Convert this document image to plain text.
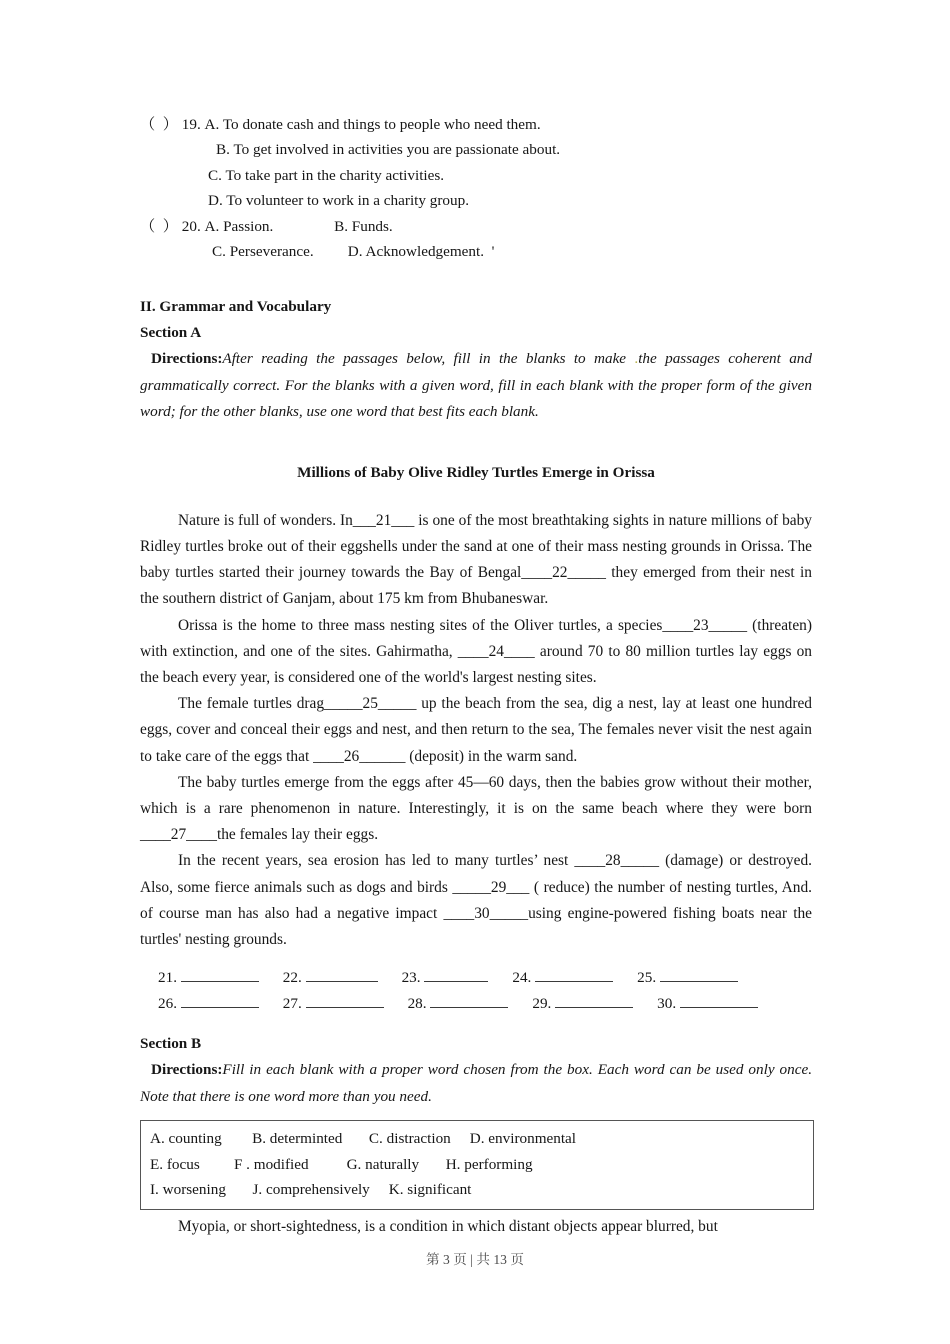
（  ） 19. A. To donate cash and things to people who need them.
B. To get involved in activities you are passionate about.
C. To take part in the charity activities.
D. To volunteer to work in a charity group.
（  ） 20. A. Passion.                B. Funds.
C. Perseverance.         D. Acknowledgement.  '
II. Grammar and Vocabulary
Section A
Directions:After reading the passages below, fill in the blanks to make .the passages coherent and grammatically correct. For the blanks with a given word, fill in each blank with the proper form of the given word; for the other blanks, use one word that best fits each blank.
Millions of Baby Olive Ridley Turtles Emerge in Orissa

Nature is full of wonders. In___21___ is one of the most breathtaking sights in nature millions of baby Ridley turtles broke out of their eggshells under the sand at one of their mass nesting grounds in Orissa. The baby turtles started their journey towards the Bay of Bengal____22_____ they emerged from their nest in the southern district of Ganjam, about 175 km from Bhubaneswar.

Orissa is the home to three mass nesting sites of the Oliver turtles, a species____23_____ (threaten) with extinction, and one of the sites. Gahirmatha, ____24____ around 70 to 80 million turtles lay eggs on the beach every year, is considered one of the world's largest nesting sites.

The female turtles drag_____25_____ up the beach from the sea, dig a nest, lay at least one hundred eggs, cover and conceal their eggs and nest, and then return to the sea, The females never visit the nest again to take care of the eggs that ____26______ (deposit) in the warm sand.

The baby turtles emerge from the eggs after 45—60 days, then the babies grow without their mother, which is a rare phenomenon in nature. Interestingly, it is on the same beach where they were born ____27____the females lay their eggs.

In the recent years, sea erosion has led to many turtles’ nest ____28_____ (damage) or destroyed. Also, some fierce animals such as dogs and birds _____29___ ( reduce) the number of nesting turtles, And. of course man has also had a negative impact ____30_____using engine-powered fishing boats near the turtles' nesting grounds.

21.	22.	23.	24.	25.
26.	27.	28.	29.	30.
Section B
Directions:Fill in each blank with a proper word chosen from the box. Each word can be used only once. Note that there is one word more than you need.
A. counting        B. determinted       C. distraction     D. environmental
E. focus         F . modified          G. naturally       H. performing
I. worsening       J. comprehensively     K. significant

Myopia, or short-sightedness, is a condition in which distant objects appear blurred, but

第 3 页 | 共 13 页
